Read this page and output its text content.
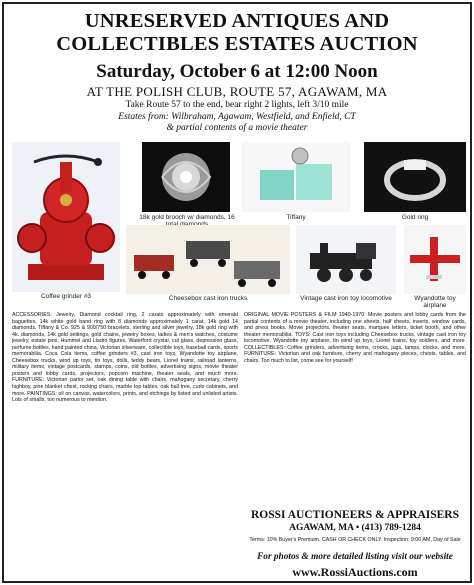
UNRESERVED ANTIQUES AND
COLLECTIBLES ESTATES AUCTION
Saturday, October 6 at 12:00 Noon
AT THE POLISH CLUB, ROUTE 57, AGAWAM, MA
Take Route 57 to the end, bear right 2 lights, left 3/10 mile
Estates from: Wilbraham, Agawam, Westfield, and Enfield, CT
& partial contents of a movie theater
Coffee grinder #3
18k gold brooch w/ diamonds, 16	Tiffany	Gold ring
Cheesebox cast iron trucks	Vintage cast iron toy locomotive	Wyandotte toy airplane
ACCESSORIES: Jewelry, Diamond cocktail ring, 2 carats approximately with emerald baguettes, 14k white gold band ring with 8 diamonds approximately 1 carat, 14k gold 14 diamonds, Tiffany & Co. 925 & 900/750 bracelets, sterling and silver jewelry, 18k gold ring with 4k. diamonds, 14k gold settings, gold chains, jewelry boxes, ladies & men's watches, costume jewelry, estate pins, Hummel and Lladro figures, Waterford crystal, cut glass, depression glass, perfume bottles, hand painted china, Victorian silverware, collectible toys, baseball cards, sports memorabilia, Coca Cola items, coffee grinders #3, cast iron toys, Wyandotte toy airplane, Cheesebox trucks, wind up toys, tin toys, dolls, teddy bears, Lionel trains, railroad lanterns, military items, vintage postcards, stamps, coins, old bottles, advertising signs, movie theater posters and lobby cards, projectors, popcorn machine, theater seats, and much more. FURNITURE: Victorian parlor set, oak dining table with chairs, mahogany secretary, cherry highboy, pine blanket chest, rocking chairs, marble top tables, oak hall tree, curio cabinets, and more. PAINTINGS: oil on canvas, watercolors, prints, and etchings by listed and unlisted artists. Lots of smalls, too numerous to mention.
ORIGINAL MOVIE POSTERS & FILM 1940-1970: Movie posters and lobby cards from the partial contents of a movie theater, including one sheets, half sheets, inserts, window cards, and press books. Movie projectors, theater seats, marquee letters, ticket booth, and other theater memorabilia. TOYS: Cast iron toys including Cheesebox trucks, vintage cast iron toy locomotive, Wyandotte toy airplane, tin wind up toys, Lionel trains, toy soldiers, and more. COLLECTIBLES: Coffee grinders, advertising items, crocks, jugs, lamps, clocks, and more. FURNITURE: Victorian and oak furniture, cherry and mahogany pieces, chests, tables, and chairs. Too much to list, come see for yourself!
ROSSI AUCTIONEERS & APPRAISERS
AGAWAM, MA • (413) 789-1284
Terms: 10% Buyer's Premium. CASH OR CHECK ONLY. Inspection: 9:00 AM, Day of Sale
For photos & more detailed listing visit our website
www.RossiAuctions.com
